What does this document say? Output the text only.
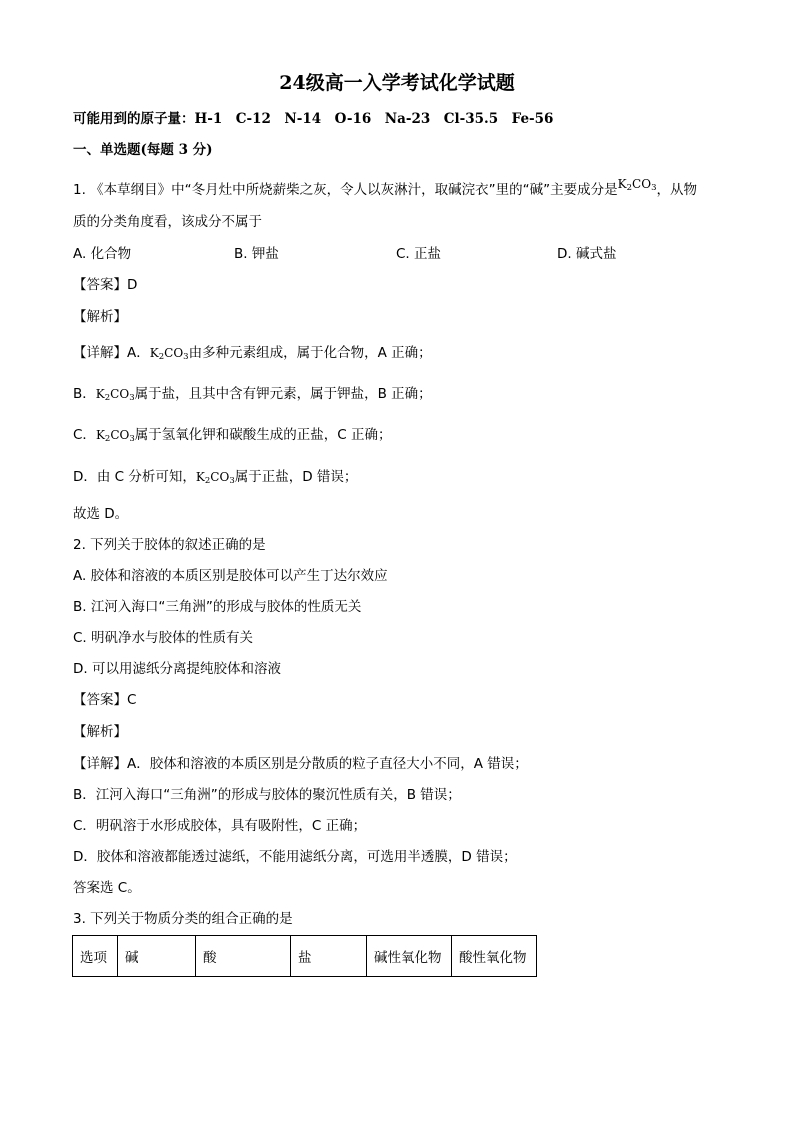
24级高一入学考试化学试题
可能用到的原子量：H-1　C-12　N-14　O-16　Na-23　Cl-35.5　Fe-56
一、单选题(每题 3 分)
1. 《本草纲目》中“冬月灶中所烧薪柴之灰，令人以灰淋汁，取碱浣衣”里的“碱”主要成分是$K_2CO_3$，从物
质的分类角度看，该成分不属于
A. 化合物	B. 钾盐	C. 正盐	D. 碱式盐
【答案】D
【解析】
【详解】A．$K_2CO_3$由多种元素组成，属于化合物，A 正确；
B．$K_2CO_3$属于盐，且其中含有钾元素，属于钾盐，B 正确；
C．$K_2CO_3$属于氢氧化钾和碳酸生成的正盐，C 正确；
D．由 C 分析可知，$K_2CO_3$属于正盐，D 错误；
故选 D。
2. 下列关于胶体的叙述正确的是
A. 胶体和溶液的本质区别是胶体可以产生丁达尔效应
B. 江河入海口“三角洲”的形成与胶体的性质无关
C. 明矾净水与胶体的性质有关
D. 可以用滤纸分离提纯胶体和溶液
【答案】C
【解析】
【详解】A．胶体和溶液的本质区别是分散质的粒子直径大小不同，A 错误；
B．江河入海口“三角洲”的形成与胶体的聚沉性质有关，B 错误；
C．明矾溶于水形成胶体，具有吸附性，C 正确；
D．胶体和溶液都能透过滤纸，不能用滤纸分离，可选用半透膜，D 错误；
答案选 C。
3. 下列关于物质分类的组合正确的是
选项	碱	酸	盐	碱性氧化物	酸性氧化物
